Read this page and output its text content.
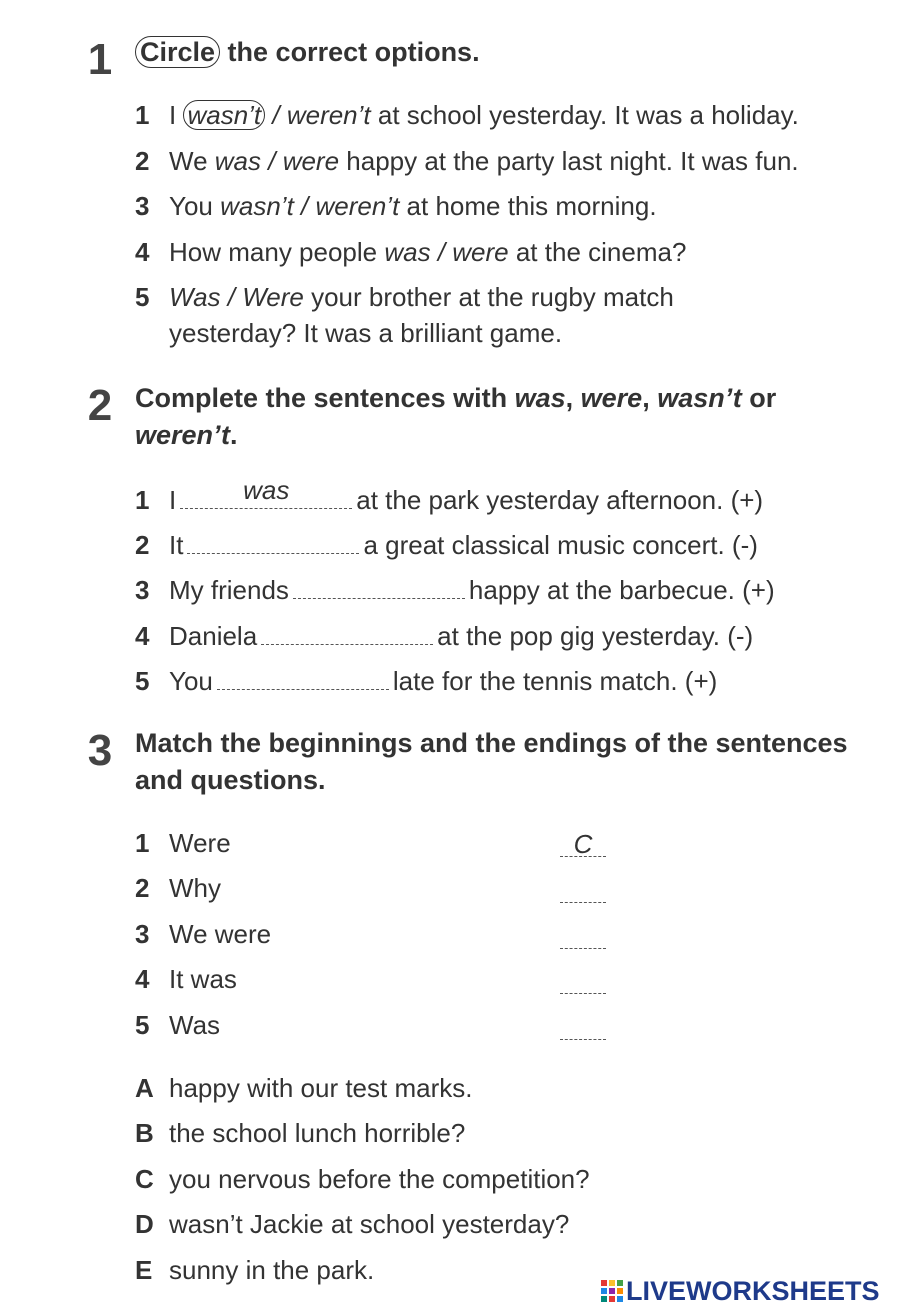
1 Circle the correct options.
1 I wasn’t / weren’t at school yesterday. It was a holiday.
2 We was / were happy at the party last night. It was fun.
3 You wasn’t / weren’t at home this morning.
4 How many people was / were at the cinema?
5 Was / Were your brother at the rugby match
yesterday? It was a brilliant game.
2 Complete the sentences with was, were, wasn’t or
weren’t.
1 I	was	at the park yesterday afternoon. (+)
2 It	a great classical music concert. (-)
3 My friends	happy at the barbecue. (+)
4 Daniela	at the pop gig yesterday. (-)
5 You	late for the tennis match. (+)
3 Match the beginnings and the endings of the sentences
and questions.
1 Were	C
2 Why
3 We were
4 It was
5 Was
A happy with our test marks.
B the school lunch horrible?
C you nervous before the competition?
D wasn’t Jackie at school yesterday?
E sunny in the park.
LIVEWORKSHEETS
